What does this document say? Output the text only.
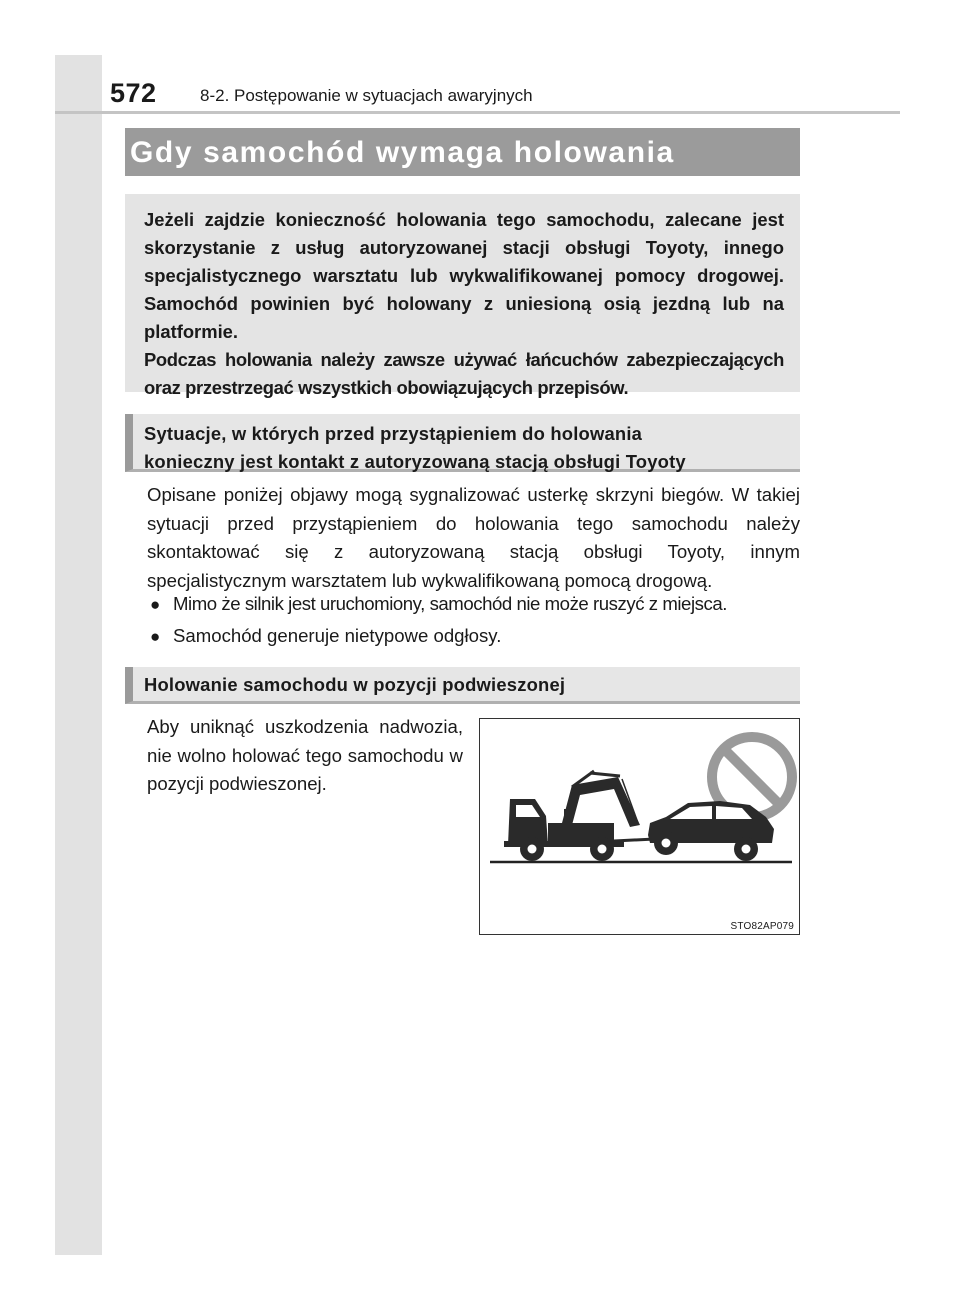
572	8-2. Postępowanie w sytuacjach awaryjnych
Gdy samochód wymaga holowania

Jeżeli zajdzie konieczność holowania tego samochodu, zalecane jest skorzystanie z usług autoryzowanej stacji obsługi Toyoty, innego specjalistycznego warsztatu lub wykwalifikowanej pomocy drogowej. Samochód powinien być holowany z uniesioną osią jezdną lub na platformie.

Podczas holowania należy zawsze używać łańcuchów zabezpieczających oraz przestrzegać wszystkich obowiązujących przepisów.

Sytuacje, w których przed przystąpieniem do holowania
konieczny jest kontakt z autoryzowaną stacją obsługi Toyoty

Opisane poniżej objawy mogą sygnalizować usterkę skrzyni biegów. W takiej sytuacji przed przystąpieniem do holowania tego samochodu należy skontaktować się z autoryzowaną stacją obsługi Toyoty, innym specjalistycznym warsztatem lub wykwalifikowaną pomocą drogową.

● Mimo że silnik jest uruchomiony, samochód nie może ruszyć z miejsca.
● Samochód generuje nietypowe odgłosy.
Holowanie samochodu w pozycji podwieszonej

Aby uniknąć uszkodzenia nadwozia, nie wolno holować tego samochodu w pozycji podwieszonej.

STO82AP079
